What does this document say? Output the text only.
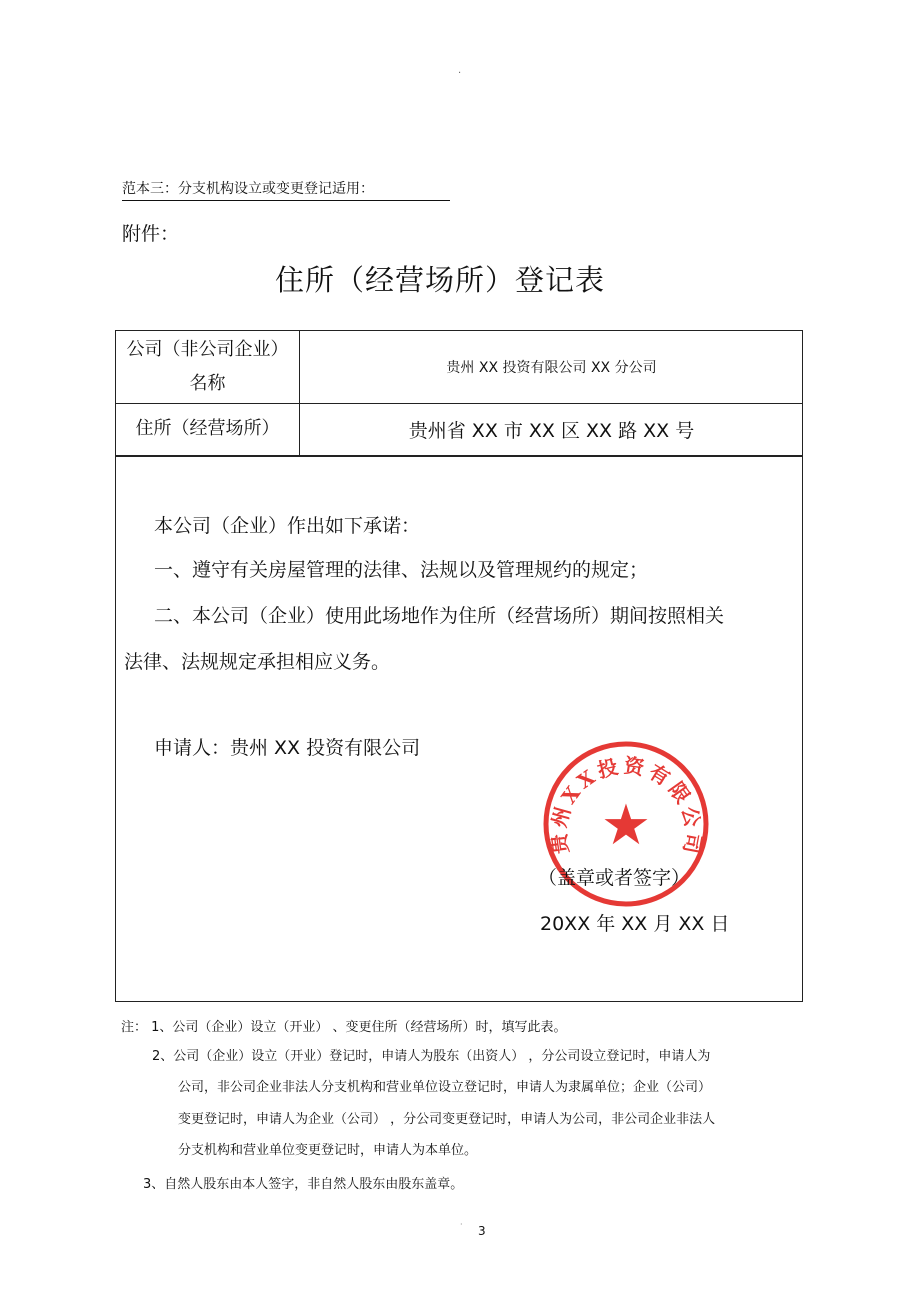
·
范本三：分支机构设立或变更登记适用：
附件：
住所（经营场所）登记表
公司（非公司企业）名称
贵州 XX 投资有限公司 XX 分公司
住所（经营场所）	贵州省 XX 市 XX 区 XX 路 XX 号
本公司（企业）作出如下承诺：
一、遵守有关房屋管理的法律、法规以及管理规约的规定；
二、本公司（企业）使用此场地作为住所（经营场所）期间按照相关
法律、法规规定承担相应义务。
申请人：贵州 XX 投资有限公司
贵州XX投资有限公司
★
（盖章或者签字）
20XX 年 XX 月 XX 日
注： 1、公司（企业）设立（开业） 、变更住所（经营场所）时，填写此表。
2、公司（企业）设立（开业）登记时，申请人为股东（出资人） ，分公司设立登记时，申请人为
公司，非公司企业非法人分支机构和营业单位设立登记时，申请人为隶属单位；企业（公司）
变更登记时，申请人为企业（公司） ，分公司变更登记时，申请人为公司，非公司企业非法人
分支机构和营业单位变更登记时，申请人为本单位。
3、自然人股东由本人签字，非自然人股东由股东盖章。
· 3
